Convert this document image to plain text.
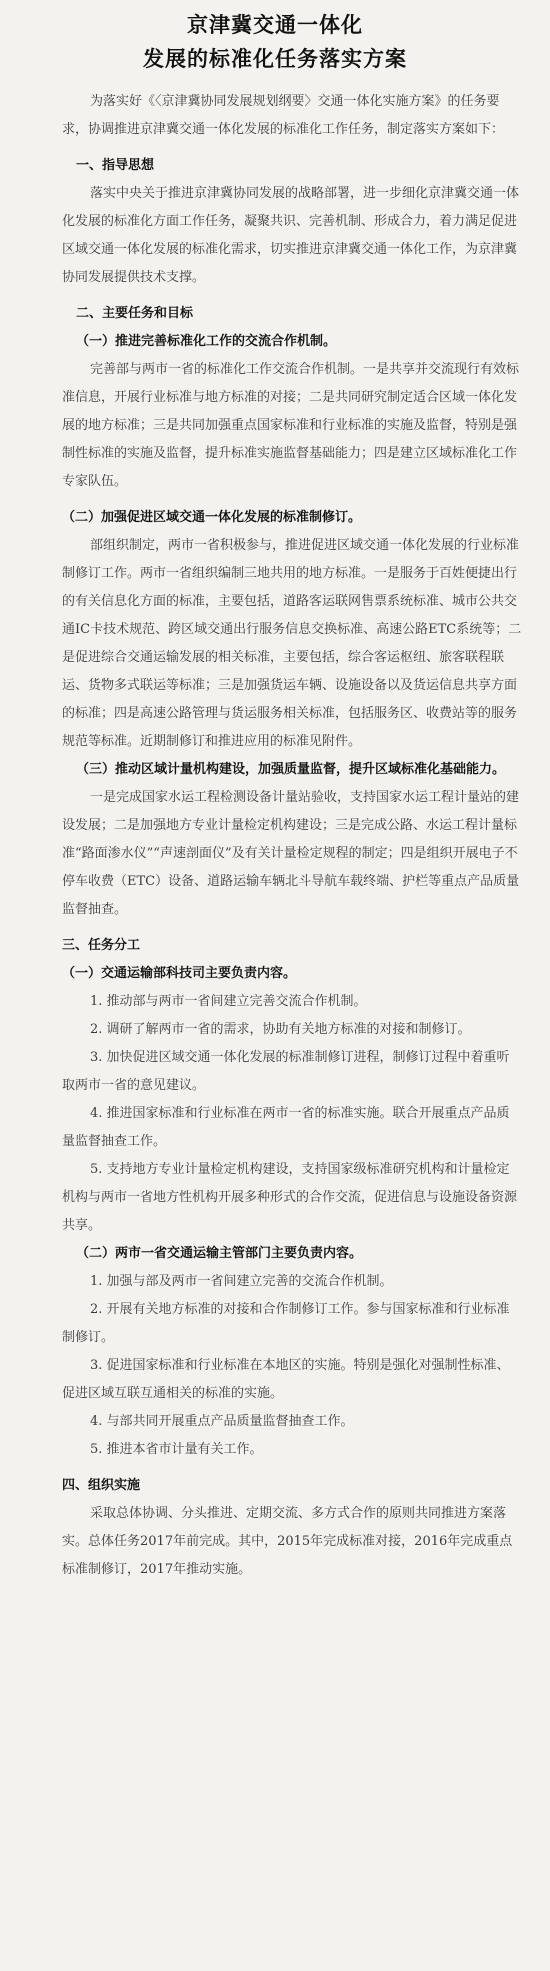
京津冀交通一体化
发展的标准化任务落实方案

为落实好《〈京津冀协同发展规划纲要〉交通一体化实施方案》的任务要求，协调推进京津冀交通一体化发展的标准化工作任务，制定落实方案如下：

一、指导思想

落实中央关于推进京津冀协同发展的战略部署，进一步细化京津冀交通一体化发展的标准化方面工作任务，凝聚共识、完善机制、形成合力，着力满足促进区域交通一体化发展的标准化需求，切实推进京津冀交通一体化工作，为京津冀协同发展提供技术支撑。

二、主要任务和目标

（一）推进完善标准化工作的交流合作机制。

完善部与两市一省的标准化工作交流合作机制。一是共享并交流现行有效标准信息，开展行业标准与地方标准的对接；二是共同研究制定适合区域一体化发展的地方标准；三是共同加强重点国家标准和行业标准的实施及监督，特别是强制性标准的实施及监督，提升标准实施监督基础能力；四是建立区域标准化工作专家队伍。

（二）加强促进区域交通一体化发展的标准制修订。

部组织制定，两市一省积极参与，推进促进区域交通一体化发展的行业标准制修订工作。两市一省组织编制三地共用的地方标准。一是服务于百姓便捷出行的有关信息化方面的标准，主要包括，道路客运联网售票系统标准、城市公共交通IC卡技术规范、跨区域交通出行服务信息交换标准、高速公路ETC系统等；二是促进综合交通运输发展的相关标准，主要包括，综合客运枢纽、旅客联程联运、货物多式联运等标准；三是加强货运车辆、设施设备以及货运信息共享方面的标准；四是高速公路管理与货运服务相关标准，包括服务区、收费站等的服务规范等标准。近期制修订和推进应用的标准见附件。

（三）推动区域计量机构建设，加强质量监督，提升区域标准化基础能力。

一是完成国家水运工程检测设备计量站验收，支持国家水运工程计量站的建设发展；二是加强地方专业计量检定机构建设；三是完成公路、水运工程计量标准“路面渗水仪”“声速剖面仪”及有关计量检定规程的制定；四是组织开展电子不停车收费（ETC）设备、道路运输车辆北斗导航车载终端、护栏等重点产品质量监督抽查。

三、任务分工

（一）交通运输部科技司主要负责内容。

1. 推动部与两市一省间建立完善交流合作机制。

2. 调研了解两市一省的需求，协助有关地方标准的对接和制修订。

3. 加快促进区域交通一体化发展的标准制修订进程，制修订过程中着重听取两市一省的意见建议。

4. 推进国家标准和行业标准在两市一省的标准实施。联合开展重点产品质量监督抽查工作。

5. 支持地方专业计量检定机构建设，支持国家级标准研究机构和计量检定机构与两市一省地方性机构开展多种形式的合作交流，促进信息与设施设备资源共享。

（二）两市一省交通运输主管部门主要负责内容。

1. 加强与部及两市一省间建立完善的交流合作机制。

2. 开展有关地方标准的对接和合作制修订工作。参与国家标准和行业标准制修订。

3. 促进国家标准和行业标准在本地区的实施。特别是强化对强制性标准、促进区域互联互通相关的标准的实施。

4. 与部共同开展重点产品质量监督抽查工作。

5. 推进本省市计量有关工作。

四、组织实施

采取总体协调、分头推进、定期交流、多方式合作的原则共同推进方案落实。总体任务2017年前完成。其中，2015年完成标准对接，2016年完成重点标准制修订，2017年推动实施。
